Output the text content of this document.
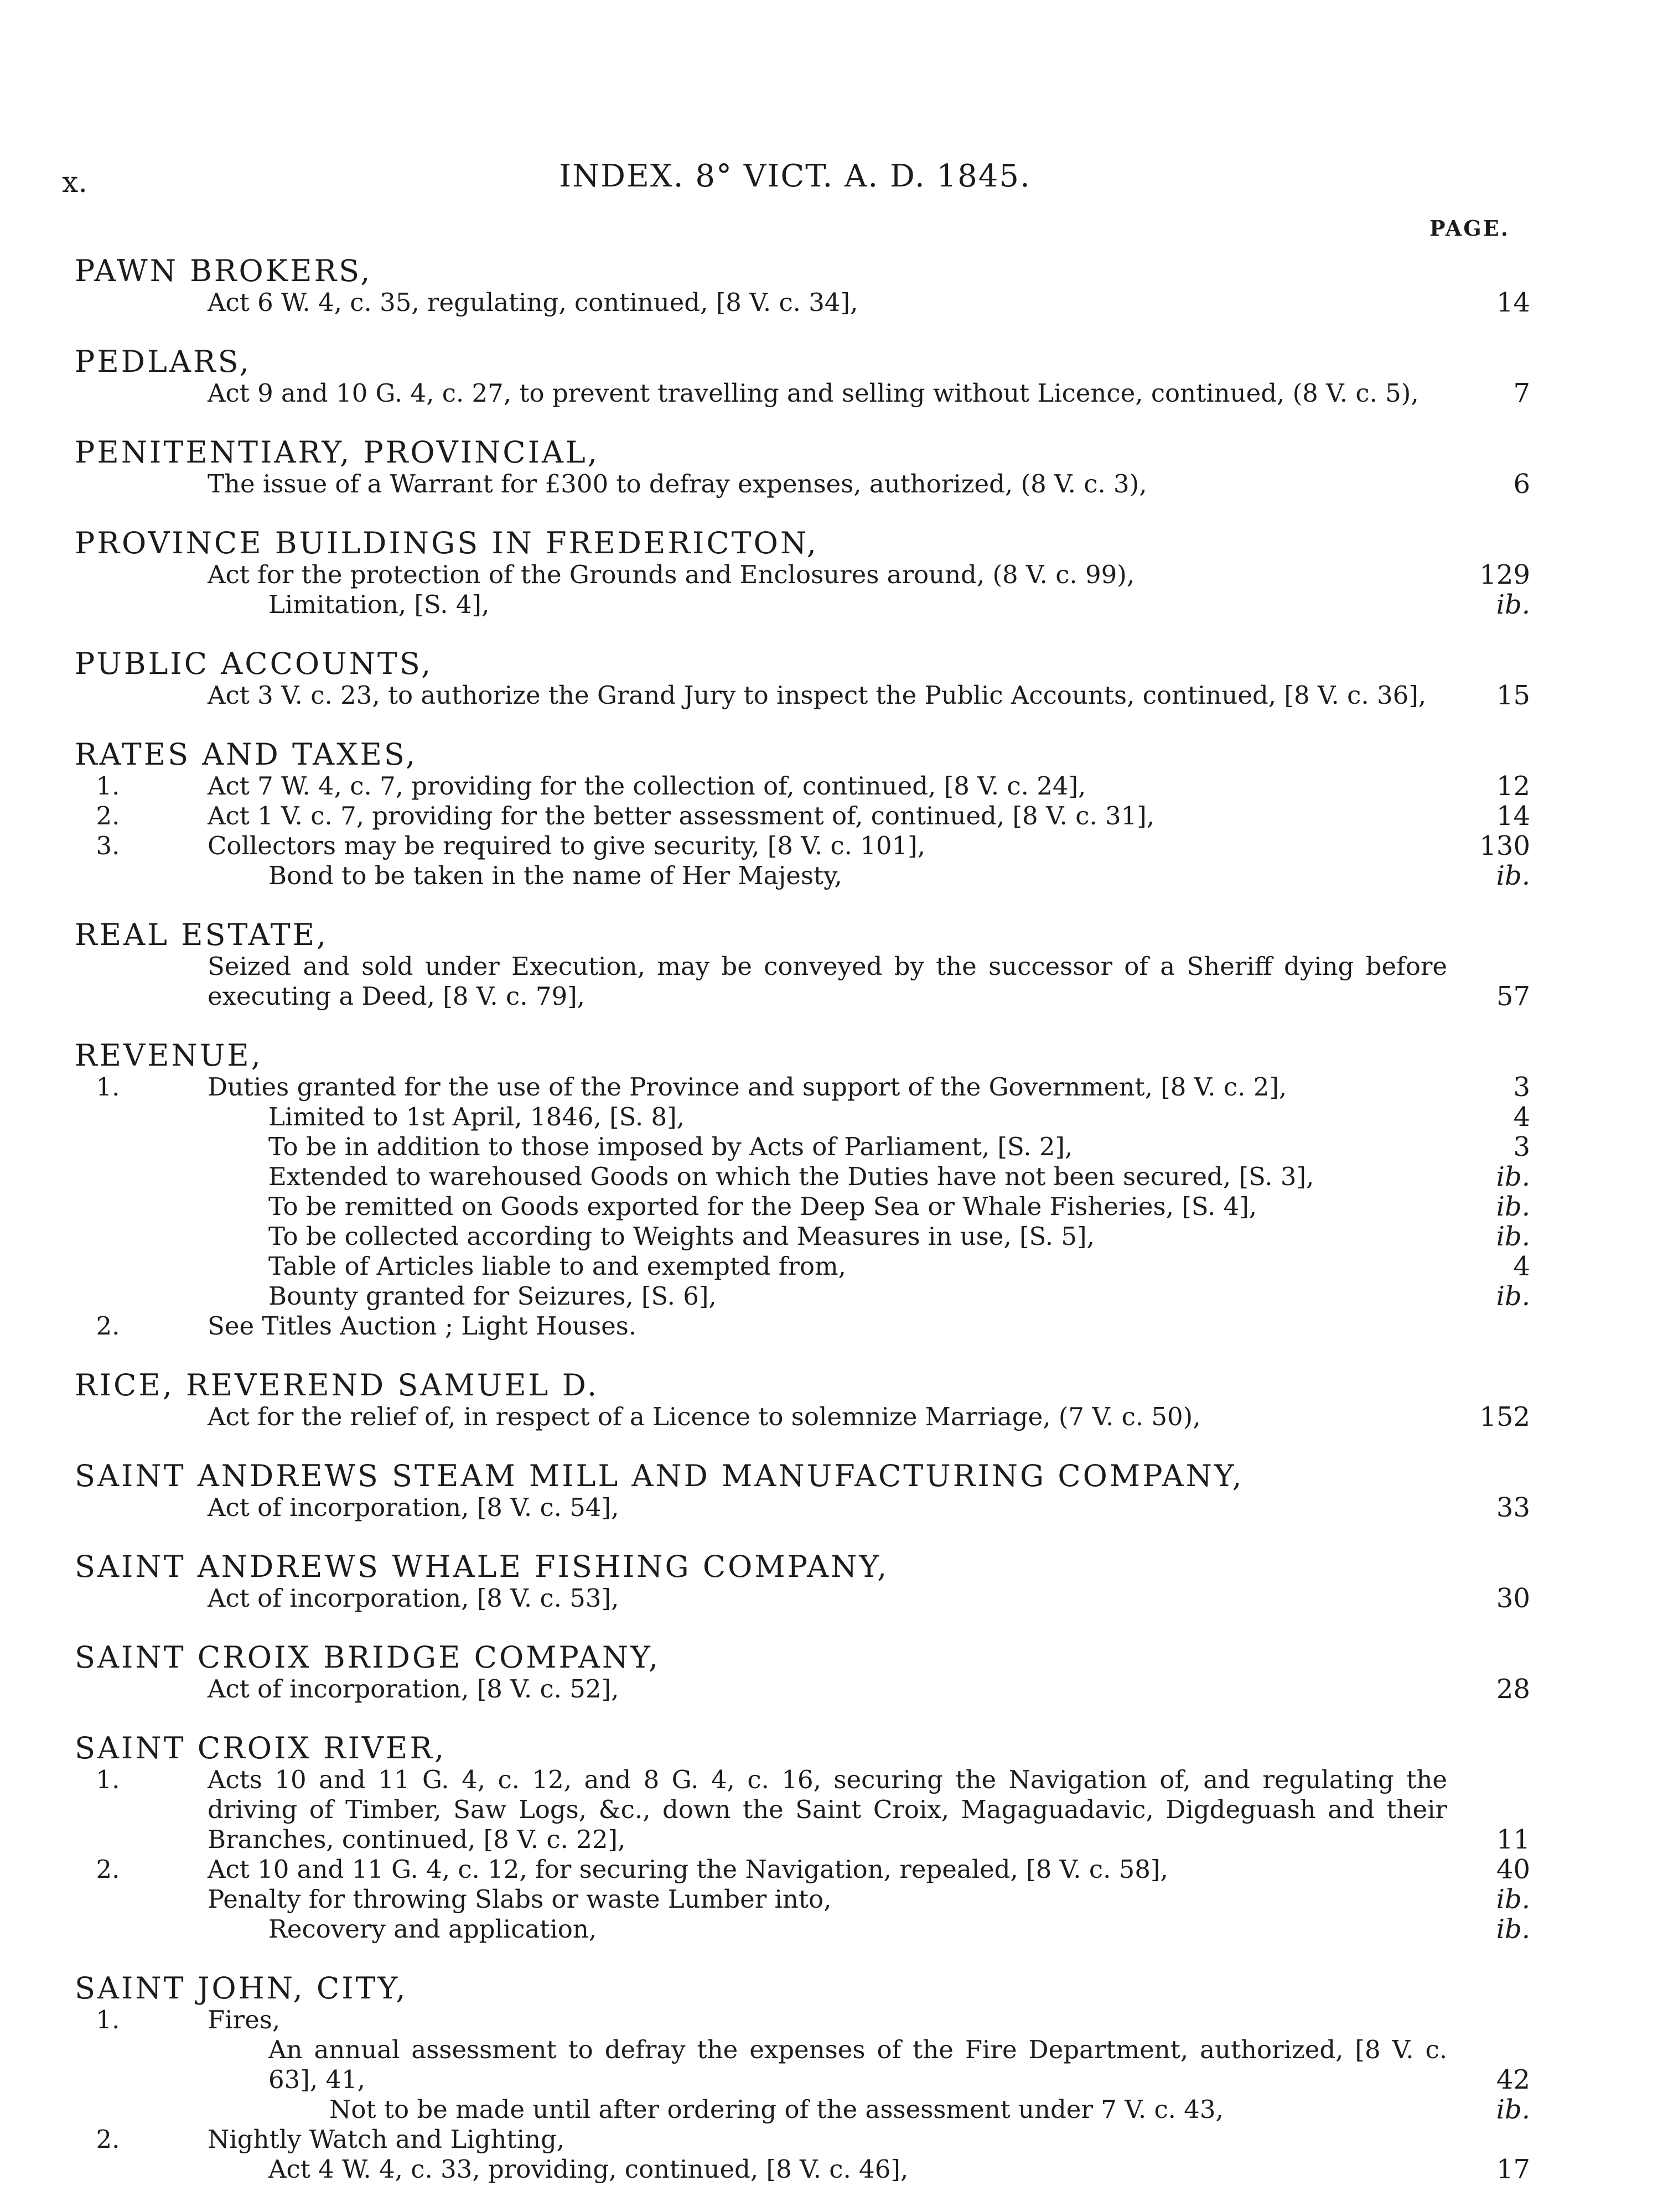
x.	INDEX. 8° VICT. A. D. 1845.
PAGE.
PAWN BROKERS,
Act 6 W. 4, c. 35, regulating, continued, [8 V. c. 34],	14
PEDLARS,
Act 9 and 10 G. 4, c. 27, to prevent travelling and selling without Licence, continued, (8 V. c. 5),	7
PENITENTIARY, PROVINCIAL,
The issue of a Warrant for £300 to defray expenses, authorized, (8 V. c. 3),	6
PROVINCE BUILDINGS IN FREDERICTON,
Act for the protection of the Grounds and Enclosures around, (8 V. c. 99),	129
Limitation, [S. 4],	ib.
PUBLIC ACCOUNTS,
Act 3 V. c. 23, to authorize the Grand Jury to inspect the Public Accounts, continued, [8 V. c. 36],	15
RATES AND TAXES,
1.	Act 7 W. 4, c. 7, providing for the collection of, continued, [8 V. c. 24],	12
2.	Act 1 V. c. 7, providing for the better assessment of, continued, [8 V. c. 31],	14
3.	Collectors may be required to give security, [8 V. c. 101],	130
Bond to be taken in the name of Her Majesty,	ib.
REAL ESTATE,
Seized and sold under Execution, may be conveyed by the successor of a Sheriff dying before executing a Deed, [8 V. c. 79],	57
REVENUE,
1.	Duties granted for the use of the Province and support of the Government, [8 V. c. 2],	3
Limited to 1st April, 1846, [S. 8],	4
To be in addition to those imposed by Acts of Parliament, [S. 2],	3
Extended to warehoused Goods on which the Duties have not been secured, [S. 3],	ib.
To be remitted on Goods exported for the Deep Sea or Whale Fisheries, [S. 4],	ib.
To be collected according to Weights and Measures in use, [S. 5],	ib.
Table of Articles liable to and exempted from,	4
Bounty granted for Seizures, [S. 6],	ib.
2.	See Titles Auction ; Light Houses.
RICE, REVEREND SAMUEL D.
Act for the relief of, in respect of a Licence to solemnize Marriage, (7 V. c. 50),	152
SAINT ANDREWS STEAM MILL AND MANUFACTURING COMPANY,
Act of incorporation, [8 V. c. 54],	33
SAINT ANDREWS WHALE FISHING COMPANY,
Act of incorporation, [8 V. c. 53],	30
SAINT CROIX BRIDGE COMPANY,
Act of incorporation, [8 V. c. 52],	28
SAINT CROIX RIVER,
1.	Acts 10 and 11 G. 4, c. 12, and 8 G. 4, c. 16, securing the Navigation of, and regulating the driving of Timber, Saw Logs, &c., down the Saint Croix, Magaguadavic, Digdeguash and their Branches, continued, [8 V. c. 22],	11
2.	Act 10 and 11 G. 4, c. 12, for securing the Navigation, repealed, [8 V. c. 58],	40
Penalty for throwing Slabs or waste Lumber into,	ib.
Recovery and application,	ib.
SAINT JOHN, CITY,
1.	Fires,
An annual assessment to defray the expenses of the Fire Department, authorized, [8 V. c. 63], 41,	42
Not to be made until after ordering of the assessment under 7 V. c. 43,	ib.
2.	Nightly Watch and Lighting,
Act 4 W. 4, c. 33, providing, continued, [8 V. c. 46],	17
